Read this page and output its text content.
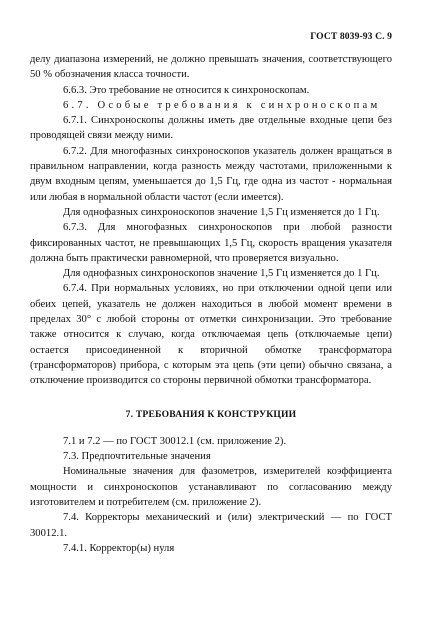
ГОСТ 8039-93 С. 9

делу диапазона измерений, не должно превышать значения, соответствующего 50 % обозначения класса точности.

6.6.3. Это требование не относится к синхроноскопам.

6.7. Особые требования к синхроноскопам

6.7.1. Синхроноскопы должны иметь две отдельные входные цепи без проводящей связи между ними.

6.7.2. Для многофазных синхроноскопов указатель должен вращаться в правильном направлении, когда разность между частотами, приложенными к двум входным цепям, уменьшается до 1,5 Гц, где одна из частот - нормальная или любая в нормальной области частот (если имеется).

Для однофазных синхроноскопов значение 1,5 Гц изменяется до 1 Гц.

6.7.3. Для многофазных синхроноскопов при любой разности фиксированных частот, не превышающих 1,5 Гц, скорость вращения указателя должна быть практически равномерной, что проверяется визуально.

Для однофазных синхроноскопов значение 1,5 Гц изменяется до 1 Гц.

6.7.4. При нормальных условиях, но при отключении одной цепи или обеих цепей, указатель не должен находиться в любой момент времени в пределах 30° с любой стороны от отметки синхронизации. Это требование также относится к случаю, когда отключаемая цепь (отключаемые цепи) остается присоединенной к вторичной обмотке трансформатора (трансформаторов) прибора, с которым эта цепь (эти цепи) обычно связана, а отключение производится со стороны первичной обмотки трансформатора.

7. ТРЕБОВАНИЯ К КОНСТРУКЦИИ

7.1 и 7.2 — по ГОСТ 30012.1 (см. приложение 2).

7.3. Предпочтительные значения

Номинальные значения для фазометров, измерителей коэффициента мощности и синхроноскопов устанавливают по согласованию между изготовителем и потребителем (см. приложение 2).

7.4. Корректоры механический и (или) электрический — по ГОСТ 30012.1.

7.4.1. Корректор(ы) нуля
